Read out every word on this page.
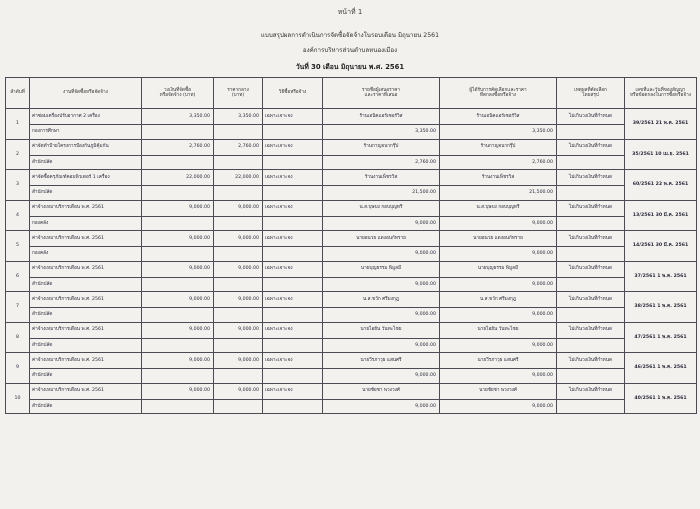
หน้าที่ 1
แบบสรุปผลการดำเนินการจัดซื้อจัดจ้างในรอบเดือน มิถุนายน 2561
องค์การบริหารส่วนตำบลหนองเมือง
วันที่ 30 เดือน มิถุนายน พ.ศ. 2561
ลำดับที่	งานที่จัดซื้อหรือจัดจ้าง	วงเงินที่จัดซื้อ
หรือจัดจ้าง (บาท)	ราคากลาง
(บาท)	วิธีซื้อหรือจ้าง	รายชื่อผู้เสนอราคา
และราคาที่เสนอ	ผู้ได้รับการคัดเลือกและราคา
ที่ตกลงซื้อหรือจ้าง	เหตุผลที่คัดเลือก
โดยสรุป	เลขที่และวันที่ของสัญญา
หรือข้อตกลงในการซื้อหรือจ้าง

1	ค่าซ่อมเครื่องปรับอากาศ 2 เครื่อง	3,350.00	3,350.00	เฉพาะเจาะจง	ร้านเอนิคแอร์เซอร์วิส	ร้านเอนิคแอร์เซอร์วิส	ไม่เกินวงเงินที่กำหนด	39/2561 21 พ.ค. 2561
	กองการศึกษา				3,350.00	3,350.00		
2	ค่าจัดทำป้ายโครงการป้องกันภูมิคุ้มกัน	2,760.00	2,760.00	เฉพาะเจาะจง	ร้านกาญจนากรุ๊ป	ร้านกาญจนากรุ๊ป	ไม่เกินวงเงินที่กำหนด	35/2561 10 เม.ย. 2561
	สำนักปลัด				2,760.00	2,760.00		
3	ค่าจัดซื้อครุภัณฑ์คอมพิวเตอร์ 1 เครื่อง	22,000.00	22,000.00	เฉพาะเจาะจง	ร้านงานเพ็ชรวิส	ร้านงานเพ็ชรวิส	ไม่เกินวงเงินที่กำหนด	60/2561 22 พ.ค. 2561
	สำนักปลัด				21,500.00	21,500.00		
4	ค่าจ้างเหมาบริการเดือน พ.ศ. 2561	9,000.00	9,000.00	เฉพาะเจาะจง	น.ส.บุษบง กอบบุญทรี	น.ส.บุษบง กอบบุญทรี	ไม่เกินวงเงินที่กำหนด	13/2561 30 มี.ค. 2561
	กองคลัง				9,000.00	9,000.00		
5	ค่าจ้างเหมาบริการเดือน พ.ศ. 2561	9,000.00	9,000.00	เฉพาะเจาะจง	นายอนวย แดงอนก์ทราย	นายอนวย แดงอนก์ทราย	ไม่เกินวงเงินที่กำหนด	14/2561 30 มี.ค. 2561
	กองคลัง				9,000.00	9,000.00		
6	ค่าจ้างเหมาบริการเดือน พ.ศ. 2561	9,000.00	9,000.00	เฉพาะเจาะจง	นายบุญธรรม พิมูลมี	นายบุญธรรม พิมูลมี	ไม่เกินวงเงินที่กำหนด	37/2561 1 พ.ค. 2561
	สำนักปลัด				9,000.00	9,000.00		
7	ค่าจ้างเหมาบริการเดือน พ.ศ. 2561	9,000.00	9,000.00	เฉพาะเจาะจง	น.ส.ขวัก ศรีมงกุฎ	น.ส.ขวัก ศรีมงกุฎ	ไม่เกินวงเงินที่กำหนด	38/2561 1 พ.ค. 2561
	สำนักปลัด				9,000.00	9,000.00		
8	ค่าจ้างเหมาบริการเดือน พ.ศ. 2561	9,000.00	9,000.00	เฉพาะเจาะจง	นายไอยัน วันทะไชย	นายไอยัน วันทะไชย	ไม่เกินวงเงินที่กำหนด	47/2561 1 พ.ค. 2561
	สำนักปลัด				9,000.00	9,000.00		
9	ค่าจ้างเหมาบริการเดือน พ.ศ. 2561	9,000.00	9,000.00	เฉพาะเจาะจง	นายวีรภาวุธ แสนศรี	นายวีรภาวุธ แสนศรี	ไม่เกินวงเงินที่กำหนด	46/2561 1 พ.ค. 2561
	สำนักปลัด				9,000.00	9,000.00		
10	ค่าจ้างเหมาบริการเดือน พ.ศ. 2561	9,000.00	9,000.00	เฉพาะเจาะจง	นายชัยชา พวงวงศ์	นายชัยชา พวงวงศ์	ไม่เกินวงเงินที่กำหนด	40/2561 1 พ.ค. 2561
	สำนักปลัด				9,000.00	9,000.00		
